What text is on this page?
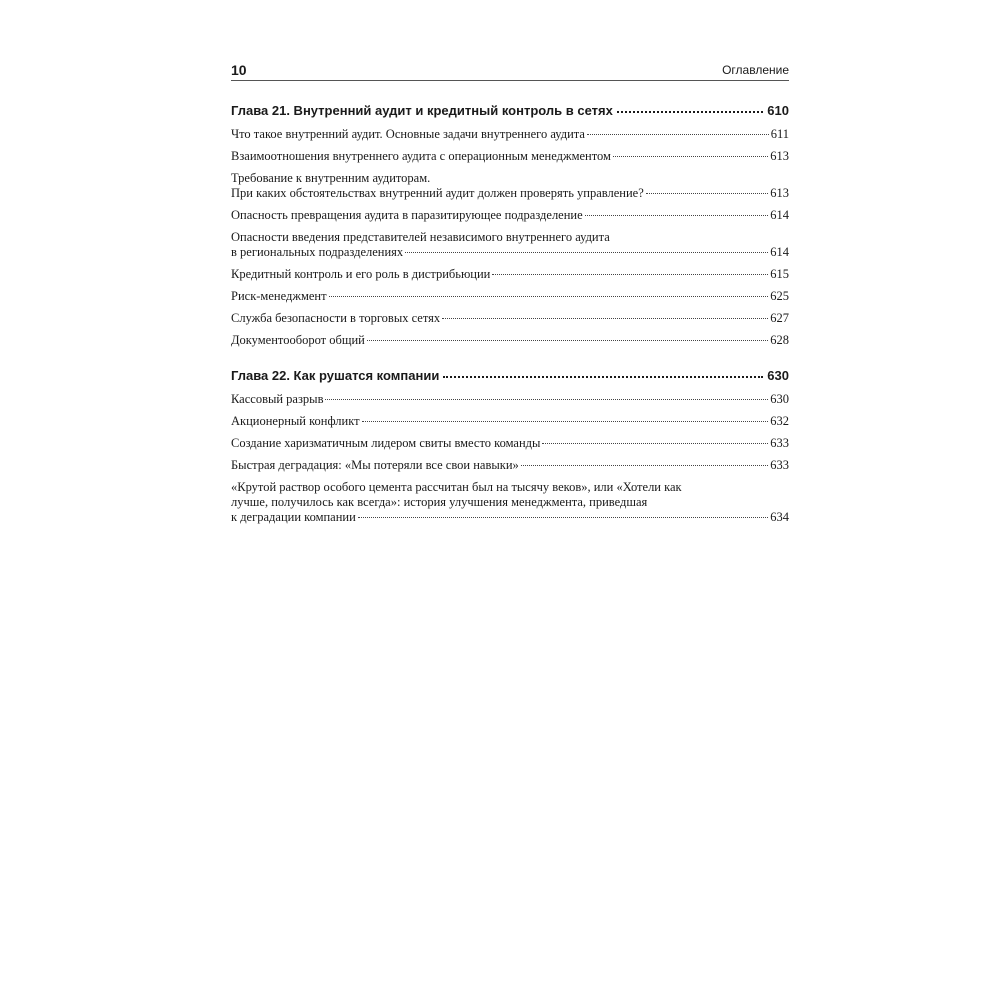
10	Оглавление
Глава 21. Внутренний аудит и кредитный контроль в сетях	610
Что такое внутренний аудит. Основные задачи внутреннего аудита	611
Взаимоотношения внутреннего аудита с операционным менеджментом	613
Требование к внутренним аудиторам.
При каких обстоятельствах внутренний аудит должен проверять управление?	613
Опасность превращения аудита в паразитирующее подразделение	614
Опасности введения представителей независимого внутреннего аудита
в региональных подразделениях	614
Кредитный контроль и его роль в дистрибьюции	615
Риск-менеджмент	625
Служба безопасности в торговых сетях	627
Документооборот общий	628
Глава 22. Как рушатся компании	630
Кассовый разрыв	630
Акционерный конфликт	632
Создание харизматичным лидером свиты вместо команды	633
Быстрая деградация: «Мы потеряли все свои навыки»	633
«Крутой раствор особого цемента рассчитан был на тысячу веков», или «Хотели как
лучше, получилось как всегда»: история улучшения менеджмента, приведшая
к деградации компании	634
